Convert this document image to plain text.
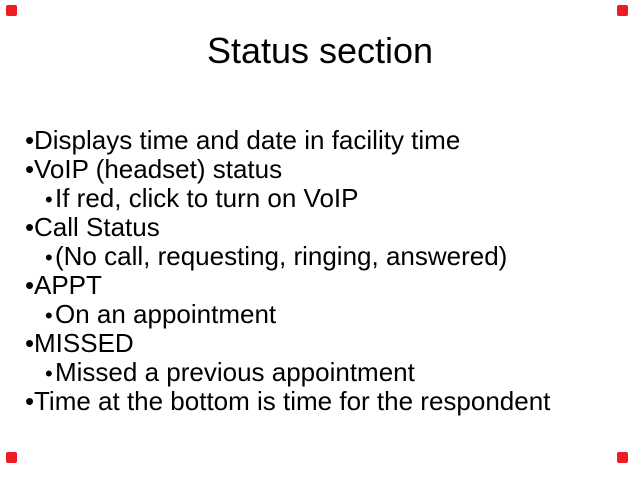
Status section
•Displays time and date in facility time
•VoIP (headset) status
•If red, click to turn on VoIP
•Call Status
•(No call, requesting, ringing, answered)
•APPT
•On an appointment
•MISSED
•Missed a previous appointment
•Time at the bottom is time for the respondent
